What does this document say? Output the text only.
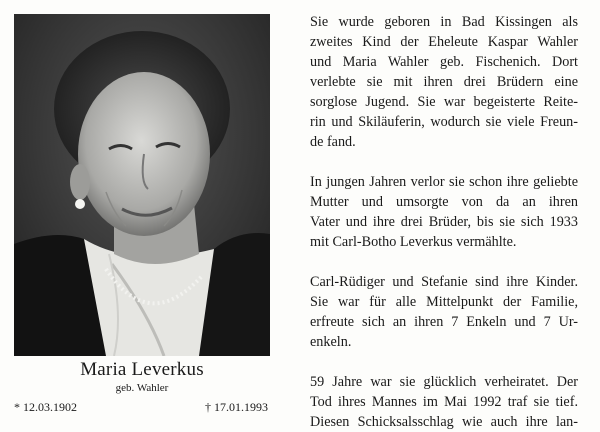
Maria Leverkus
geb. Wahler
* 12.03.1902	† 17.01.1993

Sie wurde geboren in Bad Kissingen als
zweites Kind der Eheleute Kaspar Wahler
und Maria Wahler geb. Fischenich. Dort
verlebte sie mit ihren drei Brüdern eine
sorglose Jugend. Sie war begeisterte Reite-
rin und Skiläuferin, wodurch sie viele Freun-
de fand.

In jungen Jahren verlor sie schon ihre geliebte
Mutter und umsorgte von da an ihren
Vater und ihre drei Brüder, bis sie sich 1933
mit Carl-Botho Leverkus vermählte.

Carl-Rüdiger und Stefanie sind ihre Kinder.
Sie war für alle Mittelpunkt der Familie,
erfreute sich an ihren 7 Enkeln und 7 Ur-
enkeln.

59 Jahre war sie glücklich verheiratet. Der
Tod ihres Mannes im Mai 1992 traf sie tief.
Diesen Schicksalsschlag wie auch ihre lan-
